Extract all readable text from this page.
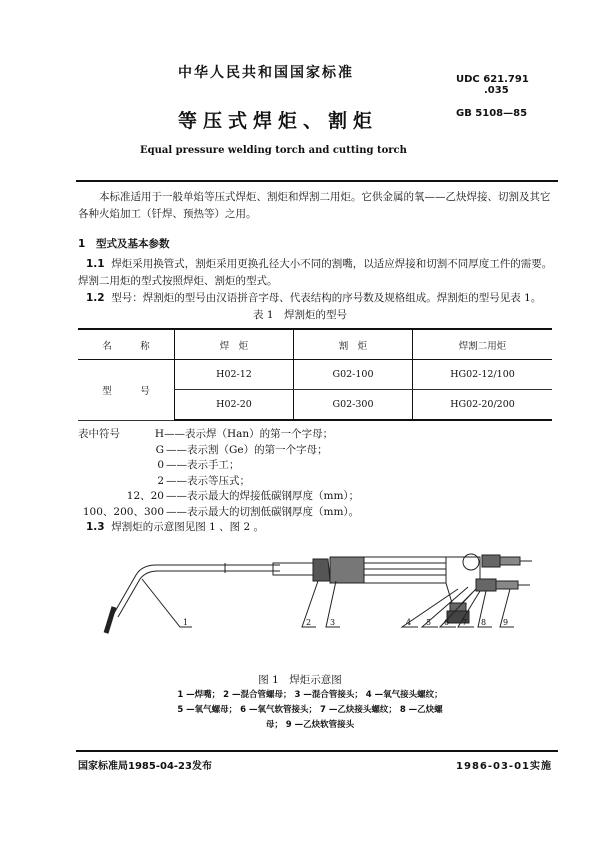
中华人民共和国国家标准	UDC 621.791
.035
GB 5108—85
等压式焊炬、割炬
Equal pressure welding torch and cutting torch
本标准适用于一般单焰等压式焊炬、割炬和焊割二用炬。它供金属的氧——乙炔焊接、切割及其它各种火焰加工（钎焊、预热等）之用。
1 型式及基本参数
1.1 焊炬采用换管式，割炬采用更换孔径大小不同的割嘴，以适应焊接和切割不同厚度工件的需要。焊割二用炬的型式按照焊炬、割炬的型式。
1.2 型号：焊割炬的型号由汉语拼音字母、代表结构的序号数及规格组成。焊割炬的型号见表 1。
表 1　焊割炬的型号
名　　　称	焊　炬	割　炬	焊割二用炬
型　　　号	H02-12	G02-100	HG02-12/100
	H02-20	G02-300	HG02-20/200
表中符号	H ——表示焊（Han）的第一个字母；
G ——表示割（Ge）的第一个字母；
0 ——表示手工；
2 ——表示等压式；
12、20 ——表示最大的焊接低碳钢厚度（mm）；
100、200、300 ——表示最大的切割低碳钢厚度（mm）。
1.3
焊割炬的示意图见图 1 、图 2 。
1	2 3	4 5 6 7 8 9
图 1　焊炬示意图
1 —焊嘴； 2 —混合管螺母； 3 —混合管接头； 4 —氧气接头螺纹；
5 —氧气螺母； 6 —氧气软管接头； 7 —乙炔接头螺纹； 8 —乙炔螺
母； 9 —乙炔软管接头
国家标准局1985-04-23发布	1986-03-01实施
